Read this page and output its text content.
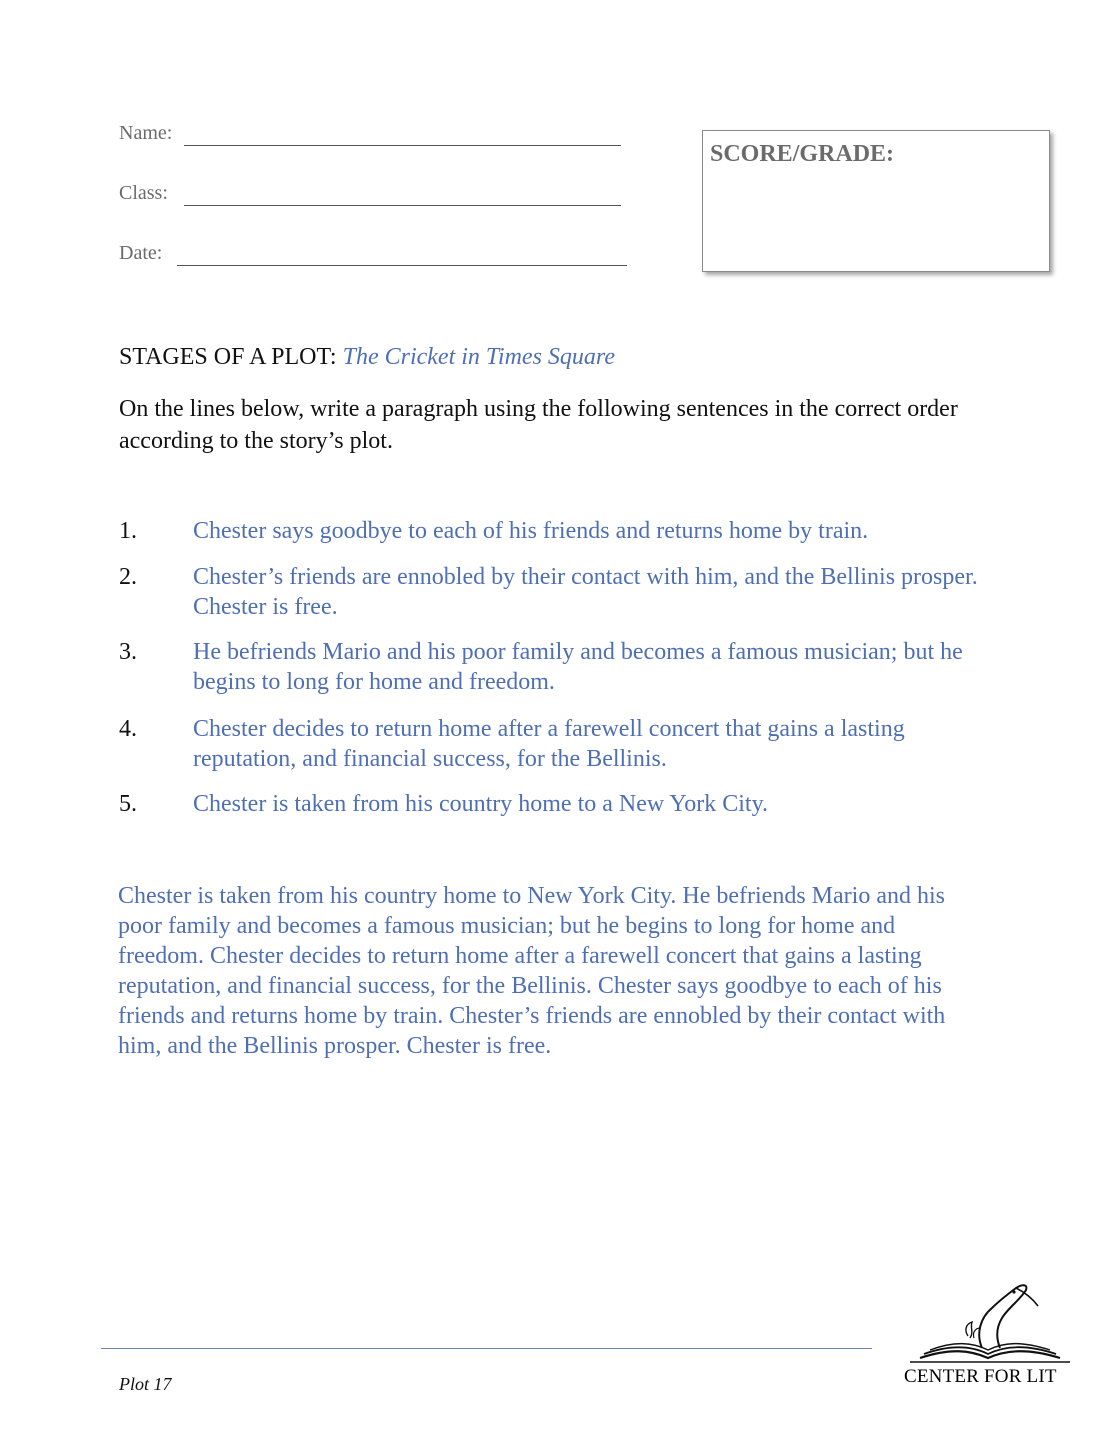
Name:
Class:
Date:
SCORE/GRADE:
STAGES OF A PLOT: The Cricket in Times Square
On the lines below, write a paragraph using the following sentences in the correct order according to the story’s plot.
1. Chester says goodbye to each of his friends and returns home by train.
2. Chester’s friends are ennobled by their contact with him, and the Bellinis prosper. Chester is free.
3. He befriends Mario and his poor family and becomes a famous musician; but he begins to long for home and freedom.
4. Chester decides to return home after a farewell concert that gains a lasting reputation, and financial success, for the Bellinis.
5. Chester is taken from his country home to a New York City.
Chester is taken from his country home to New York City. He befriends Mario and his poor family and becomes a famous musician; but he begins to long for home and freedom. Chester decides to return home after a farewell concert that gains a lasting reputation, and financial success, for the Bellinis. Chester says goodbye to each of his friends and returns home by train. Chester’s friends are ennobled by their contact with him, and the Bellinis prosper. Chester is free.
Plot 17	CENTER FOR LIT
